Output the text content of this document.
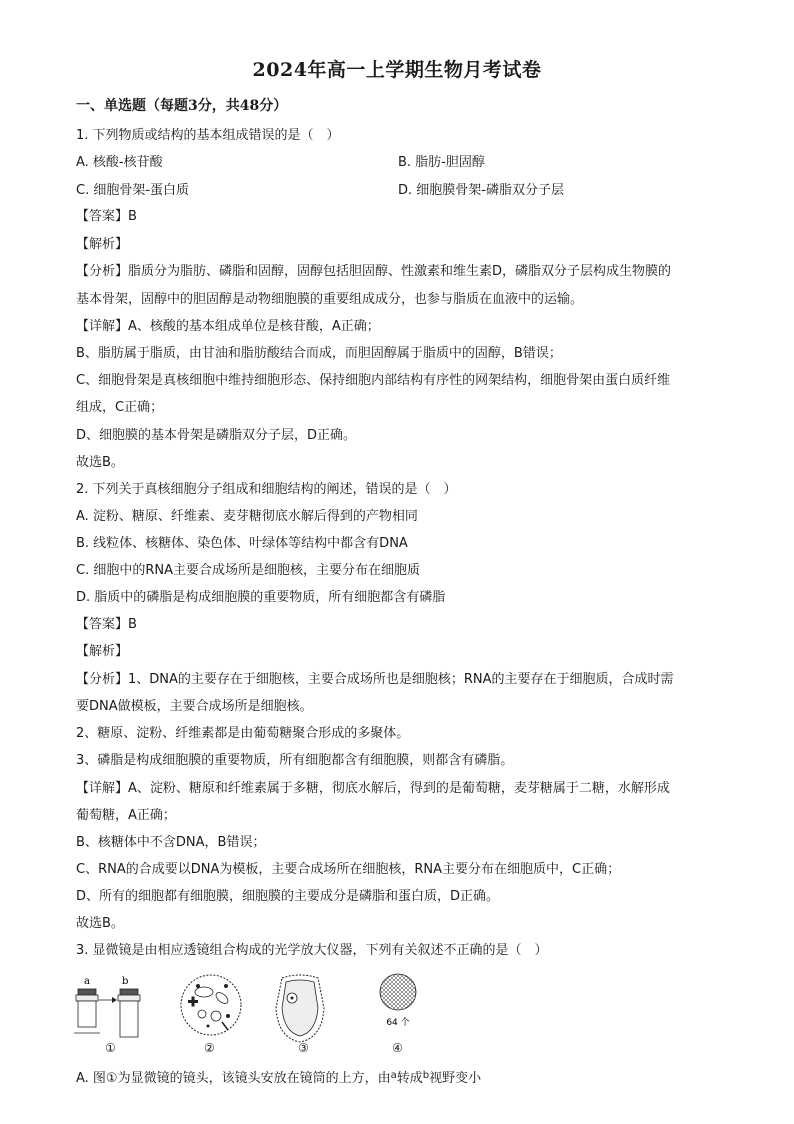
2024年高一上学期生物月考试卷
一、单选题（每题3分，共48分）
1. 下列物质或结构的基本组成错误的是（　）
A. 核酸-核苷酸	B. 脂肪-胆固醇
C. 细胞骨架-蛋白质	D. 细胞膜骨架-磷脂双分子层
【答案】B
【解析】
【分析】脂质分为脂肪、磷脂和固醇，固醇包括胆固醇、性激素和维生素D，磷脂双分子层构成生物膜的
基本骨架，固醇中的胆固醇是动物细胞膜的重要组成成分，也参与脂质在血液中的运输。
【详解】A、核酸的基本组成单位是核苷酸，A正确；
B、脂肪属于脂质，由甘油和脂肪酸结合而成，而胆固醇属于脂质中的固醇，B错误；
C、细胞骨架是真核细胞中维持细胞形态、保持细胞内部结构有序性的网架结构，细胞骨架由蛋白质纤维
组成，C正确；
D、细胞膜的基本骨架是磷脂双分子层，D正确。
故选B。
2. 下列关于真核细胞分子组成和细胞结构的阐述，错误的是（　）
A. 淀粉、糖原、纤维素、麦芽糖彻底水解后得到的产物相同
B. 线粒体、核糖体、染色体、叶绿体等结构中都含有DNA
C. 细胞中的RNA主要合成场所是细胞核，主要分布在细胞质
D. 脂质中的磷脂是构成细胞膜的重要物质，所有细胞都含有磷脂
【答案】B
【解析】
【分析】1、DNA的主要存在于细胞核，主要合成场所也是细胞核；RNA的主要存在于细胞质，合成时需
要DNA做模板，主要合成场所是细胞核。
2、糖原、淀粉、纤维素都是由葡萄糖聚合形成的多聚体。
3、磷脂是构成细胞膜的重要物质，所有细胞都含有细胞膜，则都含有磷脂。
【详解】A、淀粉、糖原和纤维素属于多糖，彻底水解后，得到的是葡萄糖，麦芽糖属于二糖，水解形成
葡萄糖，A正确；
B、核糖体中不含DNA，B错误；
C、RNA的合成要以DNA为模板，主要合成场所在细胞核，RNA主要分布在细胞质中，C正确；
D、所有的细胞都有细胞膜，细胞膜的主要成分是磷脂和蛋白质，D正确。
故选B。
3. 显微镜是由相应透镜组合构成的光学放大仪器，下列有关叙述不正确的是（　）
a	b
64 个
①	②	③	④
A. 图①为显微镜的镜头，该镜头安放在镜筒的上方，由$^a$转成$^b$视野变小
